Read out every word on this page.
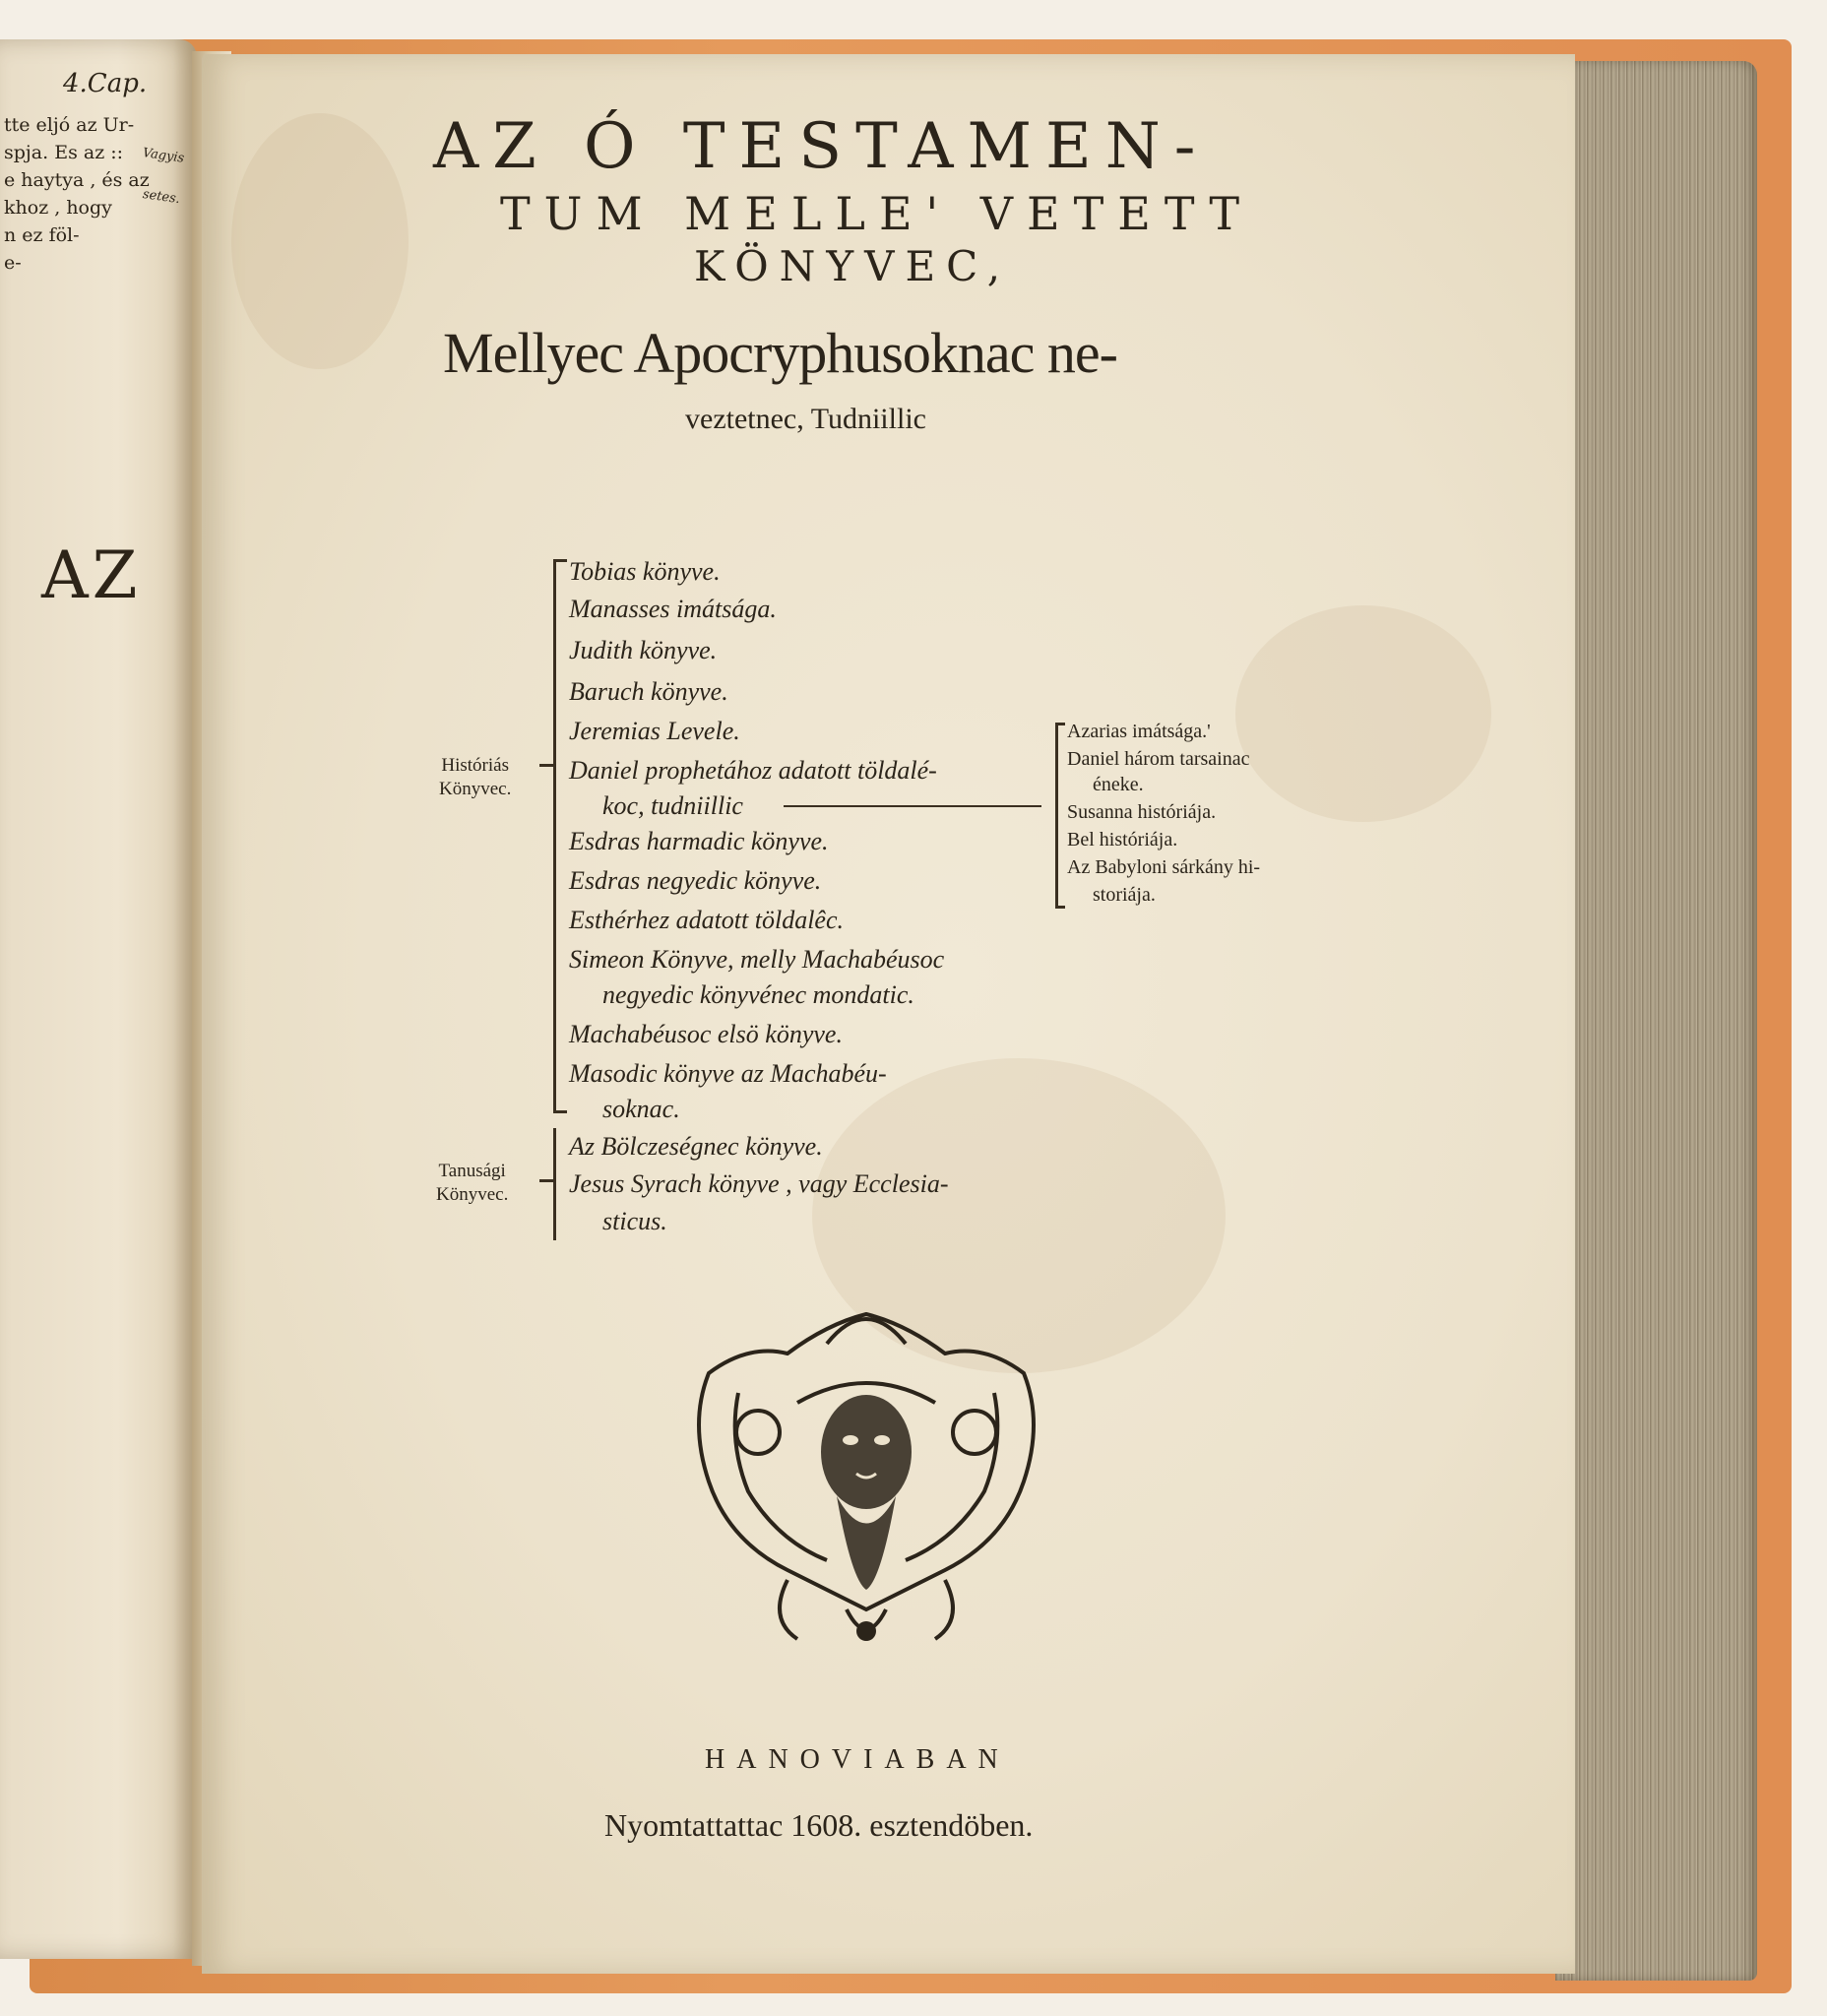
4.Cap.
tte eljó az Ur-
spja. Es az ::
e haytya , és az
khoz , hogy
n ez föl-
e-
Vagyis
setes.
AZ
AZ Ó TESTAMEN-
TUM MELLE' VETETT
KÖNYVEC,
Mellyec Apocryphusoknac ne-
veztetnec, Tudniillic
Históriás
Könyvec.
Tanusági
Könyvec.
Tobias könyve.
Manasses imátsága.
Judith könyve.
Baruch könyve.
Jeremias Levele.
Daniel prophetához adatott töldalé-
koc, tudniillic
Esdras harmadic könyve.
Esdras negyedic könyve.
Esthérhez adatott töldalêc.
Simeon Könyve, melly Machabéusoc
negyedic könyvénec mondatic.
Machabéusoc elsö könyve.
Masodic könyve az Machabéu-
soknac.
Azarias imátsága.'
Daniel három tarsainac
éneke.
Susanna históriája.
Bel históriája.
Az Babyloni sárkány hi-
storiája.
Az Bölczeségnec könyve.
Jesus Syrach könyve , vagy Ecclesia-
sticus.
HANOVIABAN
Nyomtattattac 1608. esztendöben.
